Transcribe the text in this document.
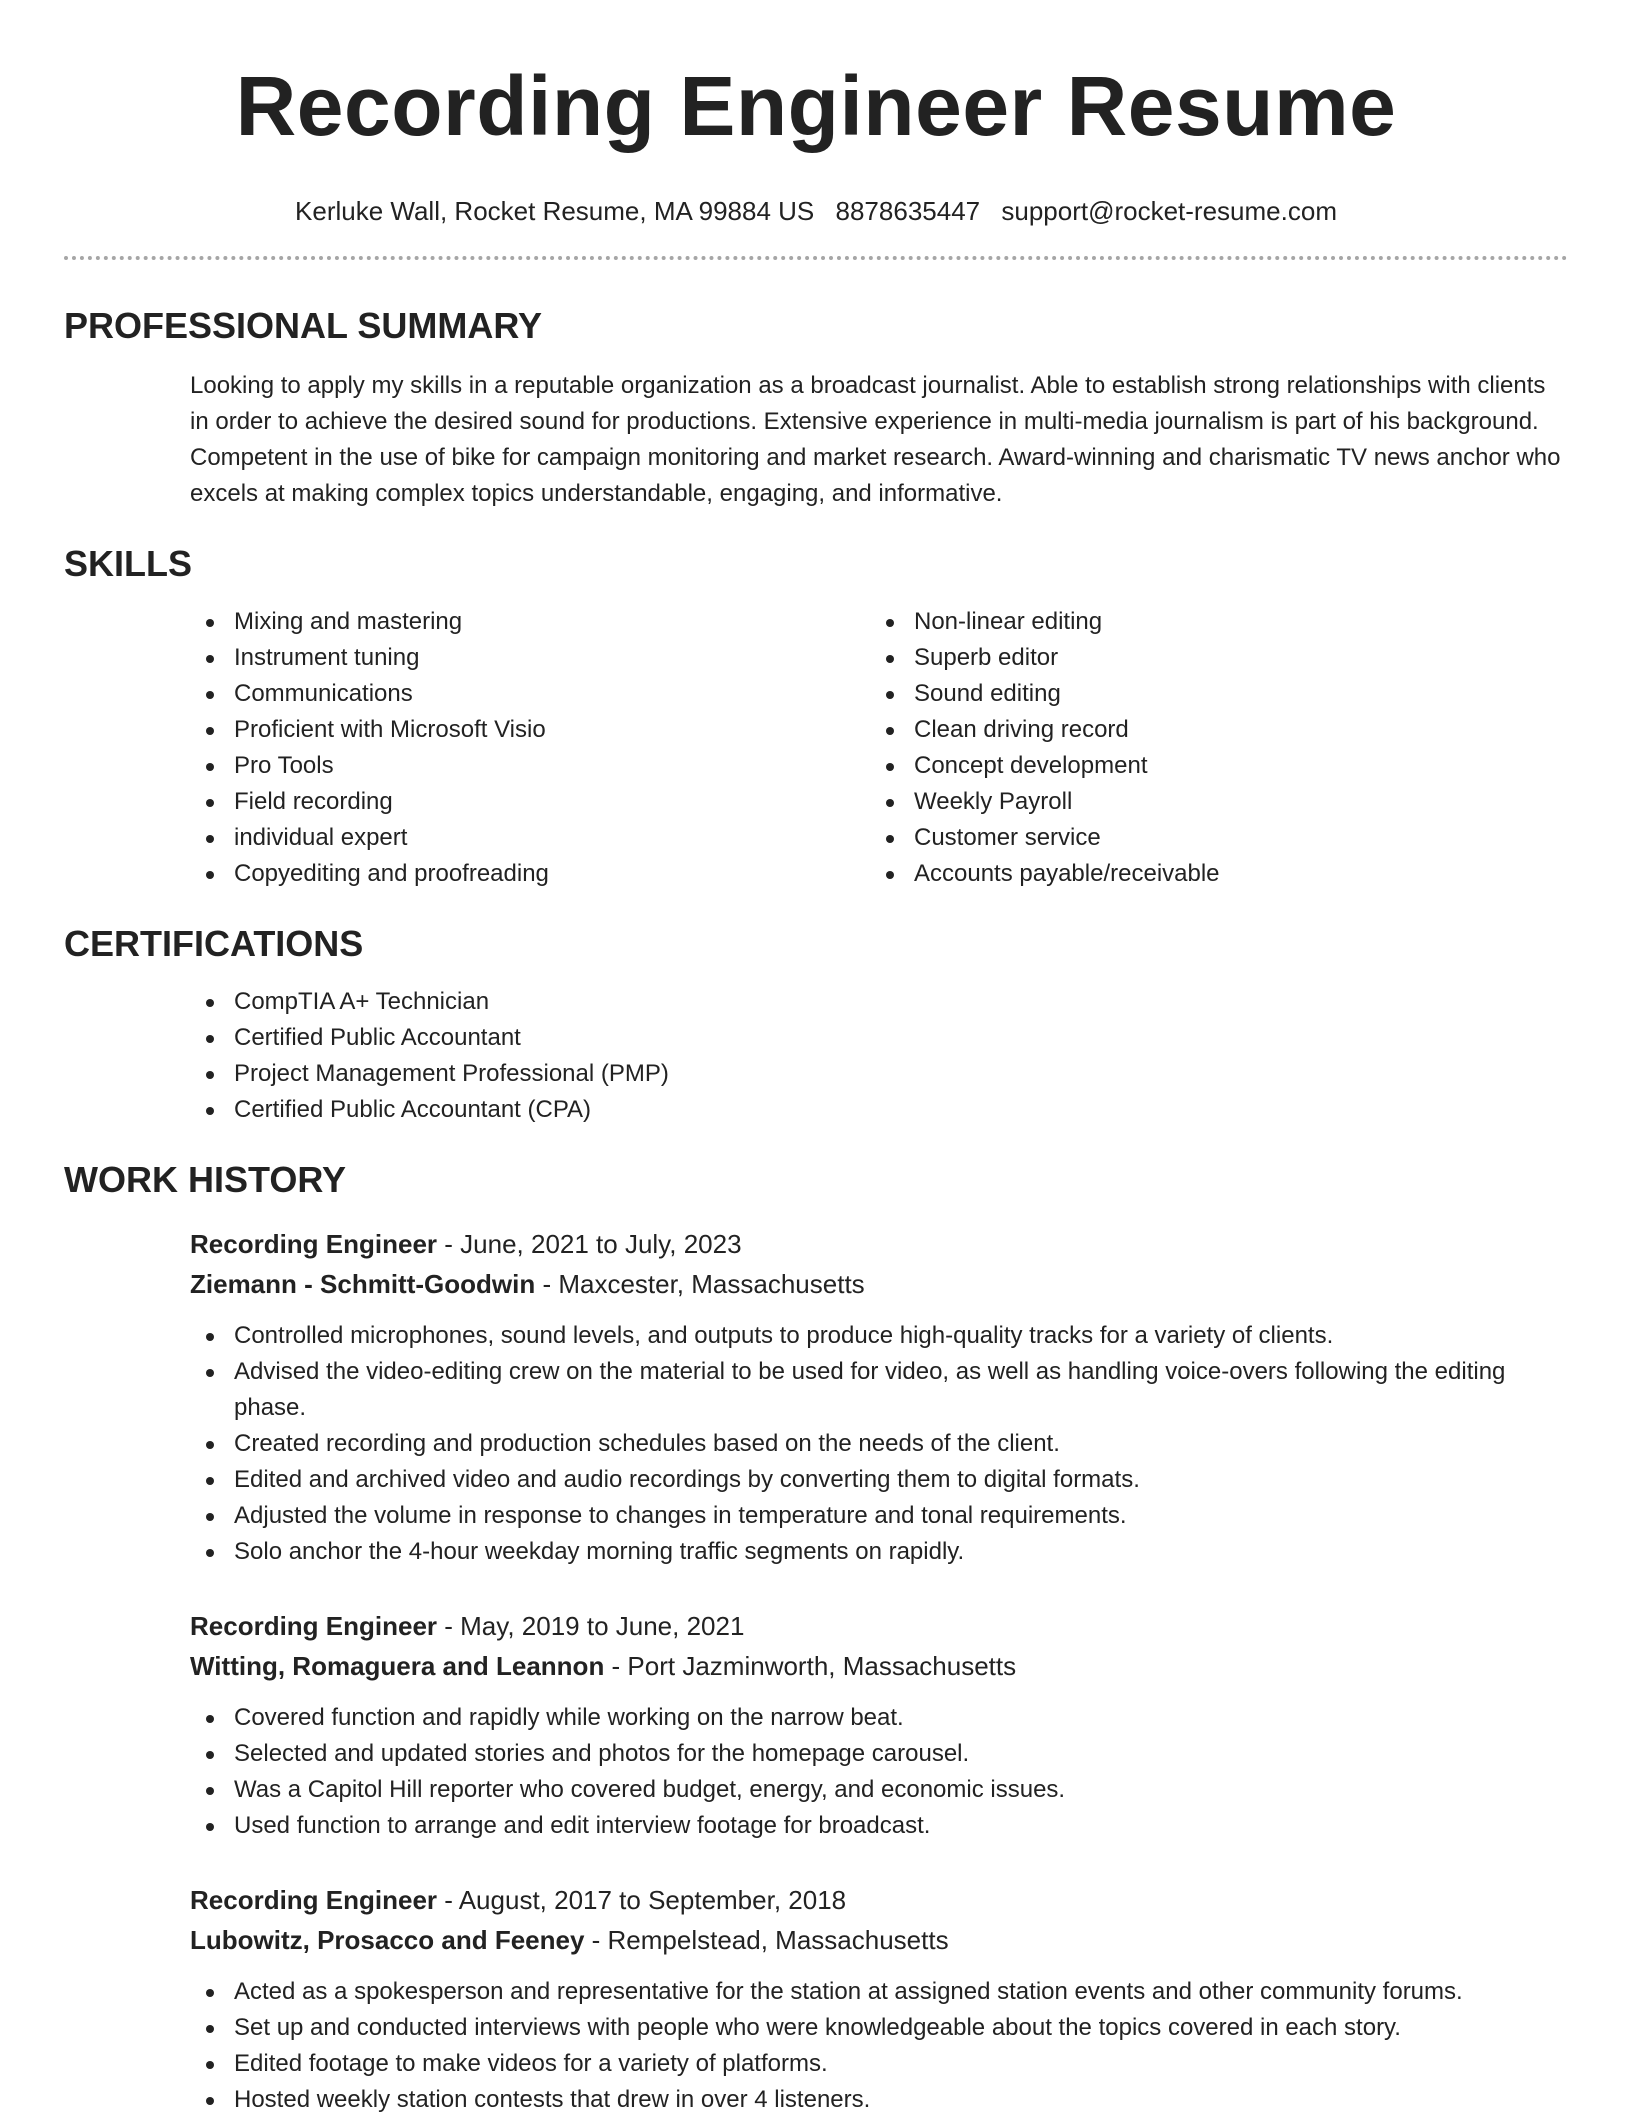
Recording Engineer Resume
Kerluke Wall, Rocket Resume, MA 99884 US 8878635447 support@rocket-resume.com
PROFESSIONAL SUMMARY

Looking to apply my skills in a reputable organization as a broadcast journalist. Able to establish strong relationships with clients in order to achieve the desired sound for productions. Extensive experience in multi-media journalism is part of his background. Competent in the use of bike for campaign monitoring and market research. Award-winning and charismatic TV news anchor who excels at making complex topics understandable, engaging, and informative.

SKILLS
Mixing and mastering
Instrument tuning
Communications
Proficient with Microsoft Visio
Pro Tools
Field recording
individual expert
Copyediting and proofreading
Non-linear editing
Superb editor
Sound editing
Clean driving record
Concept development
Weekly Payroll
Customer service
Accounts payable/receivable
CERTIFICATIONS
CompTIA A+ Technician
Certified Public Accountant
Project Management Professional (PMP)
Certified Public Accountant (CPA)
WORK HISTORY
Recording Engineer - June, 2021 to July, 2023
Ziemann - Schmitt-Goodwin - Maxcester, Massachusetts
Controlled microphones, sound levels, and outputs to produce high-quality tracks for a variety of clients.
Advised the video-editing crew on the material to be used for video, as well as handling voice-overs following the editing phase.
Created recording and production schedules based on the needs of the client.
Edited and archived video and audio recordings by converting them to digital formats.
Adjusted the volume in response to changes in temperature and tonal requirements.
Solo anchor the 4-hour weekday morning traffic segments on rapidly.
Recording Engineer - May, 2019 to June, 2021
Witting, Romaguera and Leannon - Port Jazminworth, Massachusetts
Covered function and rapidly while working on the narrow beat.
Selected and updated stories and photos for the homepage carousel.
Was a Capitol Hill reporter who covered budget, energy, and economic issues.
Used function to arrange and edit interview footage for broadcast.
Recording Engineer - August, 2017 to September, 2018
Lubowitz, Prosacco and Feeney - Rempelstead, Massachusetts
Acted as a spokesperson and representative for the station at assigned station events and other community forums.
Set up and conducted interviews with people who were knowledgeable about the topics covered in each story.
Edited footage to make videos for a variety of platforms.
Hosted weekly station contests that drew in over 4 listeners.
